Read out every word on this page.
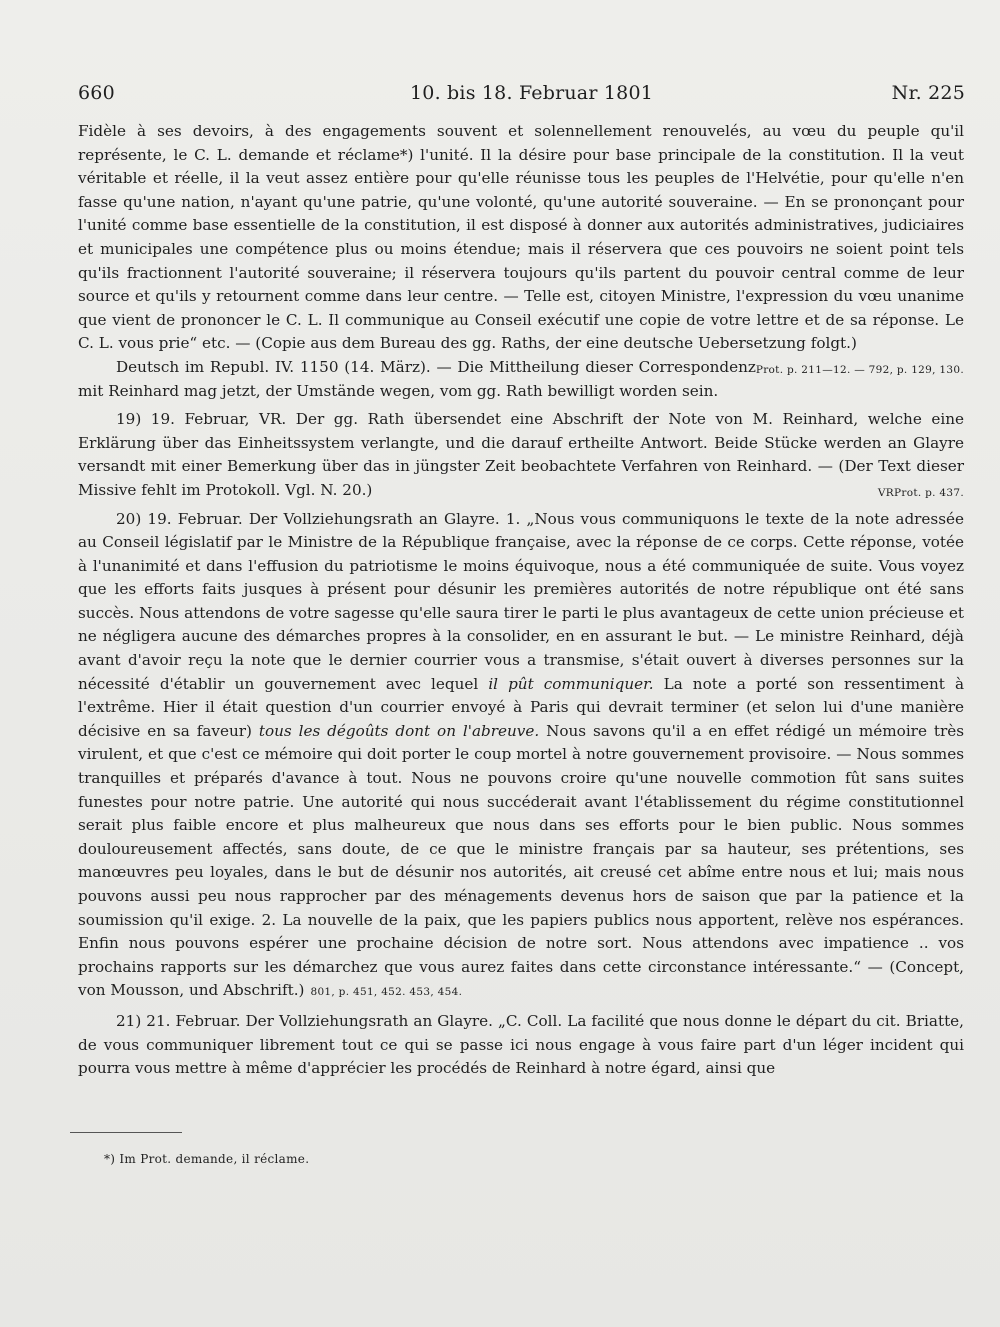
660	10. bis 18. Februar 1801	Nr. 225

Fidèle à ses devoirs, à des engagements souvent et solennellement renouvelés, au vœu du peuple qu'il représente, le C. L. demande et réclame*) l'unité. Il la désire pour base principale de la constitution. Il la veut véritable et réelle, il la veut assez entière pour qu'elle réunisse tous les peuples de l'Helvétie, pour qu'elle n'en fasse qu'une nation, n'ayant qu'une patrie, qu'une volonté, qu'une autorité souveraine. — En se prononçant pour l'unité comme base essentielle de la constitution, il est disposé à donner aux autorités administratives, judiciaires et municipales une compétence plus ou moins étendue; mais il réservera que ces pouvoirs ne soient point tels qu'ils fractionnent l'autorité souveraine; il réservera toujours qu'ils partent du pouvoir central comme de leur source et qu'ils y retournent comme dans leur centre. — Telle est, citoyen Ministre, l'expression du vœu unanime que vient de prononcer le C. L. Il communique au Conseil exécutif une copie de votre lettre et de sa réponse. Le C. L. vous prie“ etc. — (Copie aus dem Bureau des gg. Raths, der eine deutsche Uebersetzung folgt.)
Prot. p. 211—12. — 792, p. 129, 130.

Deutsch im Republ. IV. 1150 (14. März). — Die Mittheilung dieser Correspondenz mit Reinhard mag jetzt, der Umstände wegen, vom gg. Rath bewilligt worden sein.

19) 19. Februar, VR. Der gg. Rath übersendet eine Abschrift der Note von M. Reinhard, welche eine Erklärung über das Einheitssystem verlangte, und die darauf ertheilte Antwort. Beide Stücke werden an Glayre versandt mit einer Bemerkung über das in jüngster Zeit beobachtete Verfahren von Reinhard. — (Der Text dieser Missive fehlt im Protokoll. Vgl. N. 20.)	VRProt. p. 437.

20) 19. Februar. Der Vollziehungsrath an Glayre. 1. „Nous vous communiquons le texte de la note adressée au Conseil législatif par le Ministre de la République française, avec la réponse de ce corps. Cette réponse, votée à l'unanimité et dans l'effusion du patriotisme le moins équivoque, nous a été communiquée de suite. Vous voyez que les efforts faits jusques à présent pour désunir les premières autorités de notre république ont été sans succès. Nous attendons de votre sagesse qu'elle saura tirer le parti le plus avantageux de cette union précieuse et ne négligera aucune des démarches propres à la consolider, en en assurant le but. — Le ministre Reinhard, déjà avant d'avoir reçu la note que le dernier courrier vous a transmise, s'était ouvert à diverses personnes sur la nécessité d'établir un gouvernement avec lequel il pût communiquer. La note a porté son ressentiment à l'extrême. Hier il était question d'un courrier envoyé à Paris qui devrait terminer (et selon lui d'une manière décisive en sa faveur) tous les dégoûts dont on l'abreuve. Nous savons qu'il a en effet rédigé un mémoire très virulent, et que c'est ce mémoire qui doit porter le coup mortel à notre gouvernement provisoire. — Nous sommes tranquilles et préparés d'avance à tout. Nous ne pouvons croire qu'une nouvelle commotion fût sans suites funestes pour notre patrie. Une autorité qui nous succéderait avant l'établissement du régime constitutionnel serait plus faible encore et plus malheureux que nous dans ses efforts pour le bien public. Nous sommes douloureusement affectés, sans doute, de ce que le ministre français par sa hauteur, ses prétentions, ses manœuvres peu loyales, dans le but de désunir nos autorités, ait creusé cet abîme entre nous et lui; mais nous pouvons aussi peu nous rapprocher par des ménagements devenus hors de saison que par la patience et la soumission qu'il exige. 2. La nouvelle de la paix, que les papiers publics nous apportent, relève nos espérances. Enfin nous pouvons espérer une prochaine décision de notre sort. Nous attendons avec impatience .. vos prochains rapports sur les démarchez que vous aurez faites dans cette circonstance intéressante.“ — (Concept, von Mousson, und Abschrift.) 801, p. 451, 452. 453, 454.

21) 21. Februar. Der Vollziehungsrath an Glayre. „C. Coll. La facilité que nous donne le départ du cit. Briatte, de vous communiquer librement tout ce qui se passe ici nous engage à vous faire part d'un léger incident qui pourra vous mettre à même d'apprécier les procédés de Reinhard à notre égard, ainsi que

*) Im Prot. demande, il réclame.
